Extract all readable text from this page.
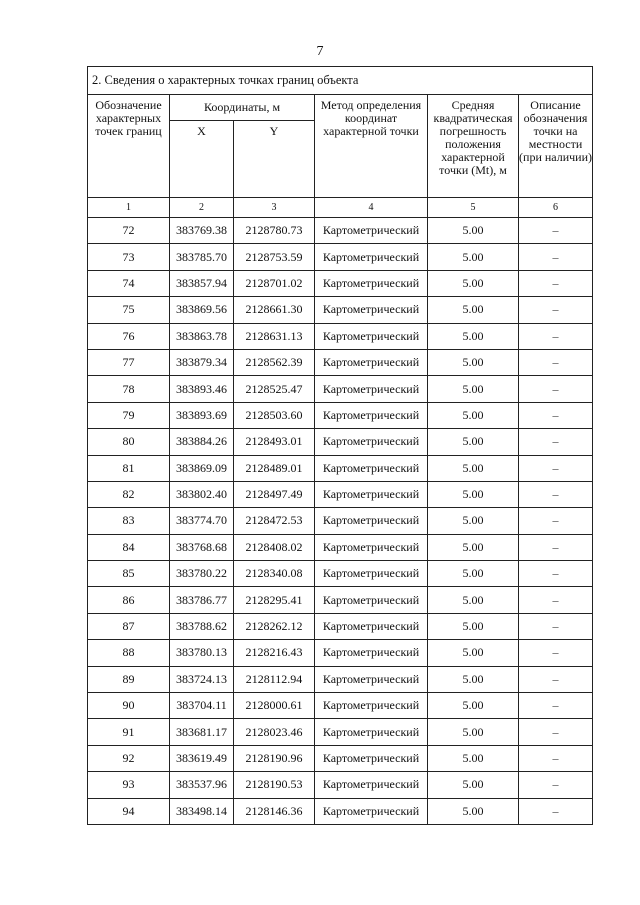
7
2. Сведения о характерных точках границ объекта					
Обозначение характерных точек границ	Координаты, м		Метод определения координат характерной точки	Средняя квадратическая погрешность положения характерной точки (Mt), м	Описание обозначения точки на местности (при наличии)
	X	Y			
1	2	3	4	5	6
72	383769.38	2128780.73	Картометрический	5.00	–
73	383785.70	2128753.59	Картометрический	5.00	–
74	383857.94	2128701.02	Картометрический	5.00	–
75	383869.56	2128661.30	Картометрический	5.00	–
76	383863.78	2128631.13	Картометрический	5.00	–
77	383879.34	2128562.39	Картометрический	5.00	–
78	383893.46	2128525.47	Картометрический	5.00	–
79	383893.69	2128503.60	Картометрический	5.00	–
80	383884.26	2128493.01	Картометрический	5.00	–
81	383869.09	2128489.01	Картометрический	5.00	–
82	383802.40	2128497.49	Картометрический	5.00	–
83	383774.70	2128472.53	Картометрический	5.00	–
84	383768.68	2128408.02	Картометрический	5.00	–
85	383780.22	2128340.08	Картометрический	5.00	–
86	383786.77	2128295.41	Картометрический	5.00	–
87	383788.62	2128262.12	Картометрический	5.00	–
88	383780.13	2128216.43	Картометрический	5.00	–
89	383724.13	2128112.94	Картометрический	5.00	–
90	383704.11	2128000.61	Картометрический	5.00	–
91	383681.17	2128023.46	Картометрический	5.00	–
92	383619.49	2128190.96	Картометрический	5.00	–
93	383537.96	2128190.53	Картометрический	5.00	–
94	383498.14	2128146.36	Картометрический	5.00	–
